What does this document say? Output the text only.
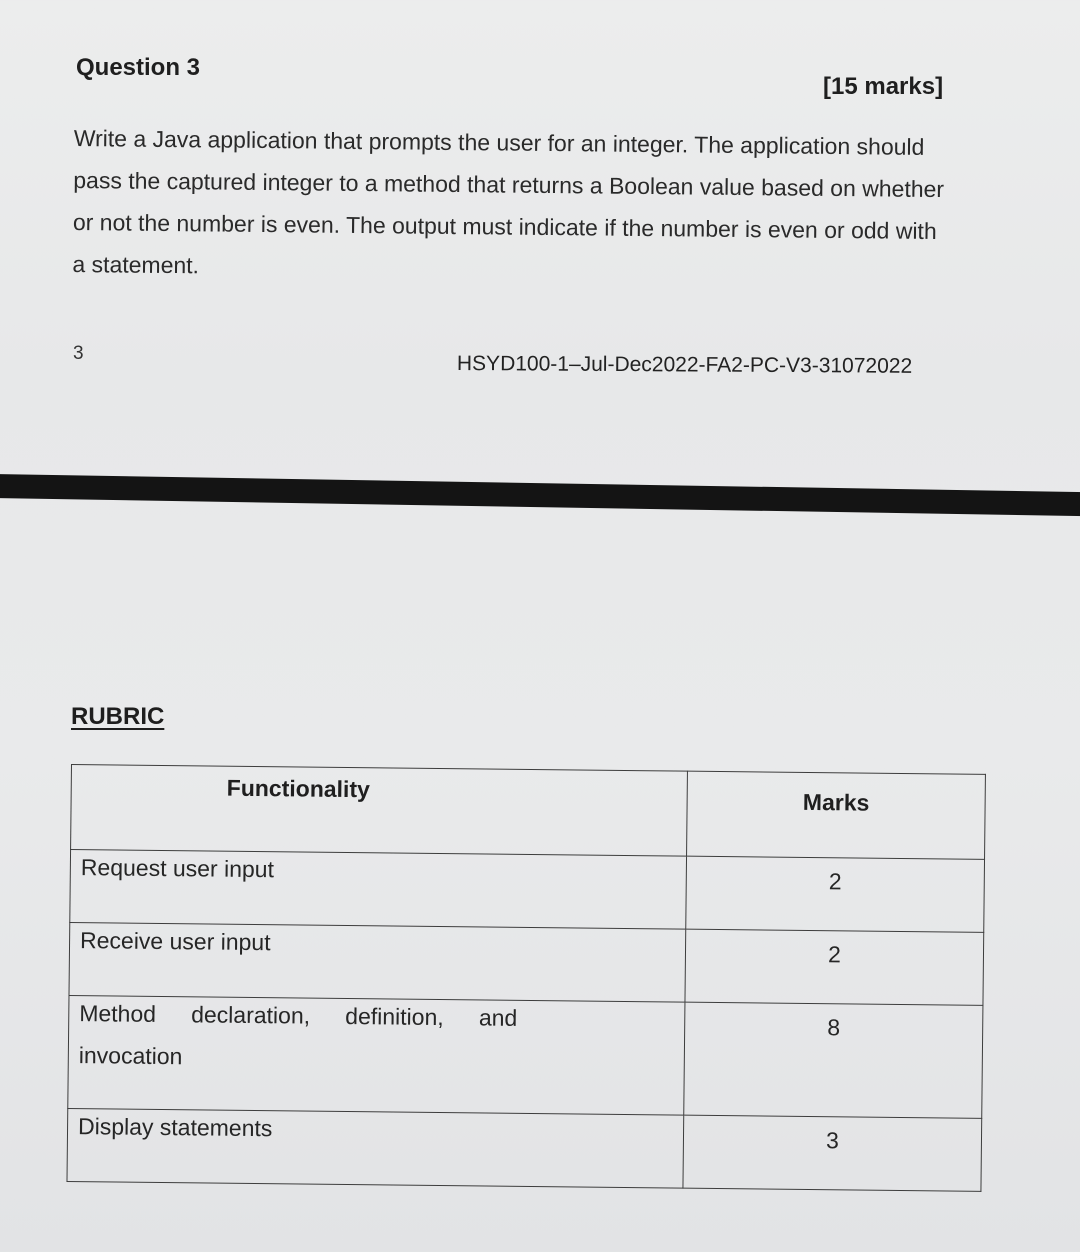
Question 3
[15 marks]

Write a Java application that prompts the user for an integer. The application should

pass the captured integer to a method that returns a Boolean value based on whether

or not the number is even. The output must indicate if the number is even or odd with

a statement.

3	HSYD100-1–Jul-Dec2022-FA2-PC-V3-31072022
RUBRIC
Functionality	Marks

Request user input	2

Receive user input	2

Method declaration, definition, and
invocation	8

Display statements	3
